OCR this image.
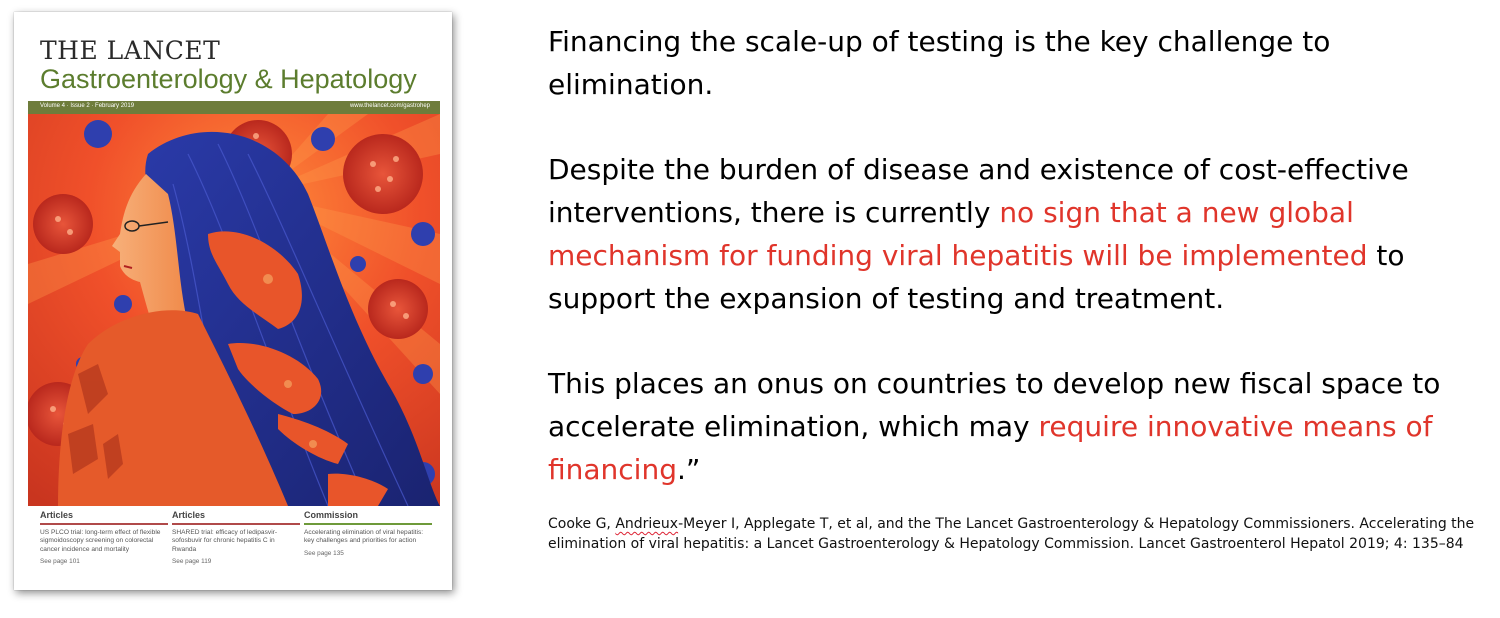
THE LANCET
Gastroenterology & Hepatology
Volume 4 · Issue 2 · February 2019	www.thelancet.com/gastrohep
Articles
US PLCO trial: long-term effect of flexible sigmoidoscopy screening on colorectal cancer incidence and mortality
See page 101
Articles
SHARED trial: efficacy of ledipasvir-sofosbuvir for chronic hepatitis C in Rwanda
See page 119
Commission
Accelerating elimination of viral hepatitis: key challenges and priorities for action
See page 135
Financing the scale-up of testing is the key challenge to elimination.
Despite the burden of disease and existence of cost-effective interventions, there is currently no sign that a new global mechanism for funding viral hepatitis will be implemented to support the expansion of testing and treatment.
This places an onus on countries to develop new fiscal space to accelerate elimination, which may require innovative means of financing.”
Cooke G, Andrieux-Meyer I, Applegate T, et al, and the The Lancet Gastroenterology & Hepatology Commissioners. Accelerating the elimination of viral hepatitis: a Lancet Gastroenterology & Hepatology Commission. Lancet Gastroenterol Hepatol 2019; 4: 135–84
